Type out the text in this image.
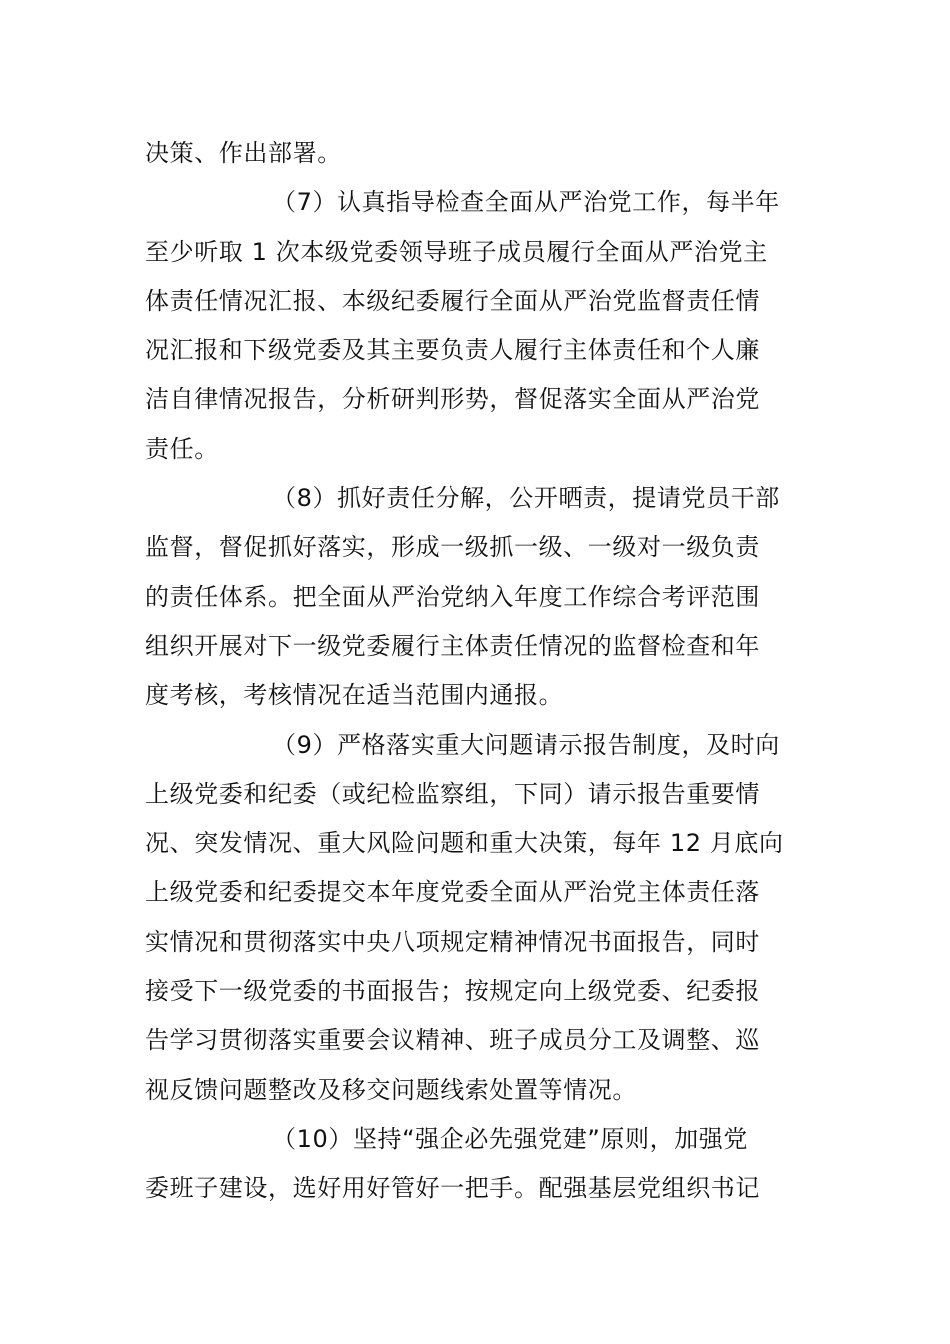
决策、作出部署。
（7）认真指导检查全面从严治党工作，每半年
至少听取 1 次本级党委领导班子成员履行全面从严治党主
体责任情况汇报、本级纪委履行全面从严治党监督责任情
况汇报和下级党委及其主要负责人履行主体责任和个人廉
洁自律情况报告，分析研判形势，督促落实全面从严治党
责任。
（8）抓好责任分解，公开晒责，提请党员干部
监督，督促抓好落实，形成一级抓一级、一级对一级负责
的责任体系。把全面从严治党纳入年度工作综合考评范围
组织开展对下一级党委履行主体责任情况的监督检查和年
度考核，考核情况在适当范围内通报。
（9）严格落实重大问题请示报告制度，及时向
上级党委和纪委（或纪检监察组，下同）请示报告重要情
况、突发情况、重大风险问题和重大决策，每年 12 月底向
上级党委和纪委提交本年度党委全面从严治党主体责任落
实情况和贯彻落实中央八项规定精神情况书面报告，同时
接受下一级党委的书面报告；按规定向上级党委、纪委报
告学习贯彻落实重要会议精神、班子成员分工及调整、巡
视反馈问题整改及移交问题线索处置等情况。
（10）坚持“强企必先强党建”原则，加强党
委班子建设，选好用好管好一把手。配强基层党组织书记
